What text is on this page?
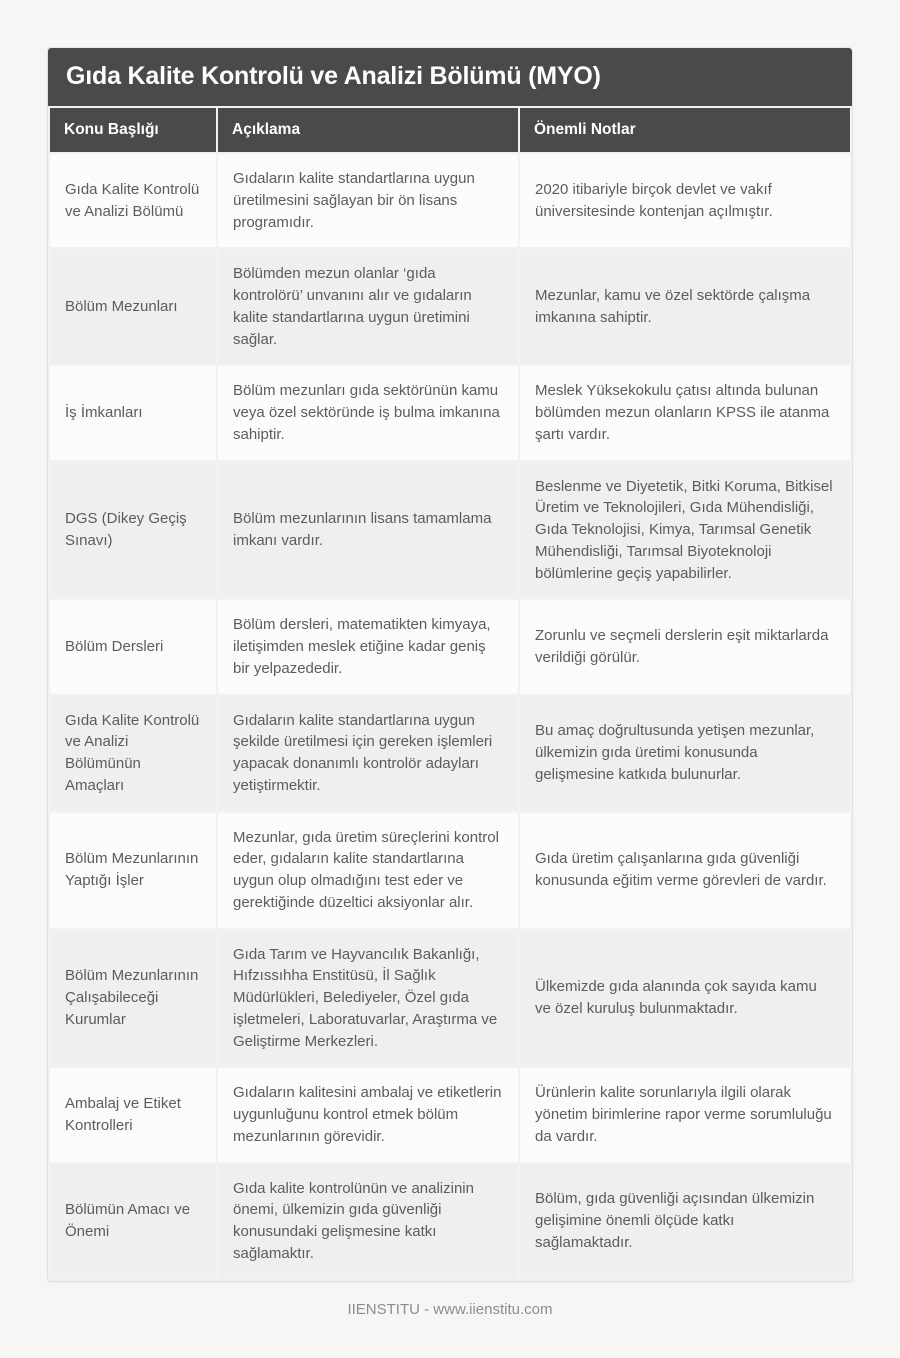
Gıda Kalite Kontrolü ve Analizi Bölümü (MYO)
Konu Başlığı	Açıklama	Önemli Notlar
Gıda Kalite Kontrolü ve Analizi Bölümü	Gıdaların kalite standartlarına uygun üretilmesini sağlayan bir ön lisans programıdır.	2020 itibariyle birçok devlet ve vakıf üniversitesinde kontenjan açılmıştır.
Bölüm Mezunları	Bölümden mezun olanlar ‘gıda kontrolörü’ unvanını alır ve gıdaların kalite standartlarına uygun üretimini sağlar.	Mezunlar, kamu ve özel sektörde çalışma imkanına sahiptir.
İş İmkanları	Bölüm mezunları gıda sektörünün kamu veya özel sektöründe iş bulma imkanına sahiptir.	Meslek Yüksekokulu çatısı altında bulunan bölümden mezun olanların KPSS ile atanma şartı vardır.
DGS (Dikey Geçiş Sınavı)	Bölüm mezunlarının lisans tamamlama imkanı vardır.	Beslenme ve Diyetetik, Bitki Koruma, Bitkisel Üretim ve Teknolojileri, Gıda Mühendisliği, Gıda Teknolojisi, Kimya, Tarımsal Genetik Mühendisliği, Tarımsal Biyoteknoloji bölümlerine geçiş yapabilirler.
Bölüm Dersleri	Bölüm dersleri, matematikten kimyaya, iletişimden meslek etiğine kadar geniş bir yelpazededir.	Zorunlu ve seçmeli derslerin eşit miktarlarda verildiği görülür.
Gıda Kalite Kontrolü ve Analizi Bölümünün Amaçları	Gıdaların kalite standartlarına uygun şekilde üretilmesi için gereken işlemleri yapacak donanımlı kontrolör adayları yetiştirmektir.	Bu amaç doğrultusunda yetişen mezunlar, ülkemizin gıda üretimi konusunda gelişmesine katkıda bulunurlar.
Bölüm Mezunlarının Yaptığı İşler	Mezunlar, gıda üretim süreçlerini kontrol eder, gıdaların kalite standartlarına uygun olup olmadığını test eder ve gerektiğinde düzeltici aksiyonlar alır.	Gıda üretim çalışanlarına gıda güvenliği konusunda eğitim verme görevleri de vardır.
Bölüm Mezunlarının Çalışabileceği Kurumlar	Gıda Tarım ve Hayvancılık Bakanlığı, Hıfzıssıhha Enstitüsü, İl Sağlık Müdürlükleri, Belediyeler, Özel gıda işletmeleri, Laboratuvarlar, Araştırma ve Geliştirme Merkezleri.	Ülkemizde gıda alanında çok sayıda kamu ve özel kuruluş bulunmaktadır.
Ambalaj ve Etiket Kontrolleri	Gıdaların kalitesini ambalaj ve etiketlerin uygunluğunu kontrol etmek bölüm mezunlarının görevidir.	Ürünlerin kalite sorunlarıyla ilgili olarak yönetim birimlerine rapor verme sorumluluğu da vardır.
Bölümün Amacı ve Önemi	Gıda kalite kontrolünün ve analizinin önemi, ülkemizin gıda güvenliği konusundaki gelişmesine katkı sağlamaktır.	Bölüm, gıda güvenliği açısından ülkemizin gelişimine önemli ölçüde katkı sağlamaktadır.
IIENSTITU - www.iienstitu.com
